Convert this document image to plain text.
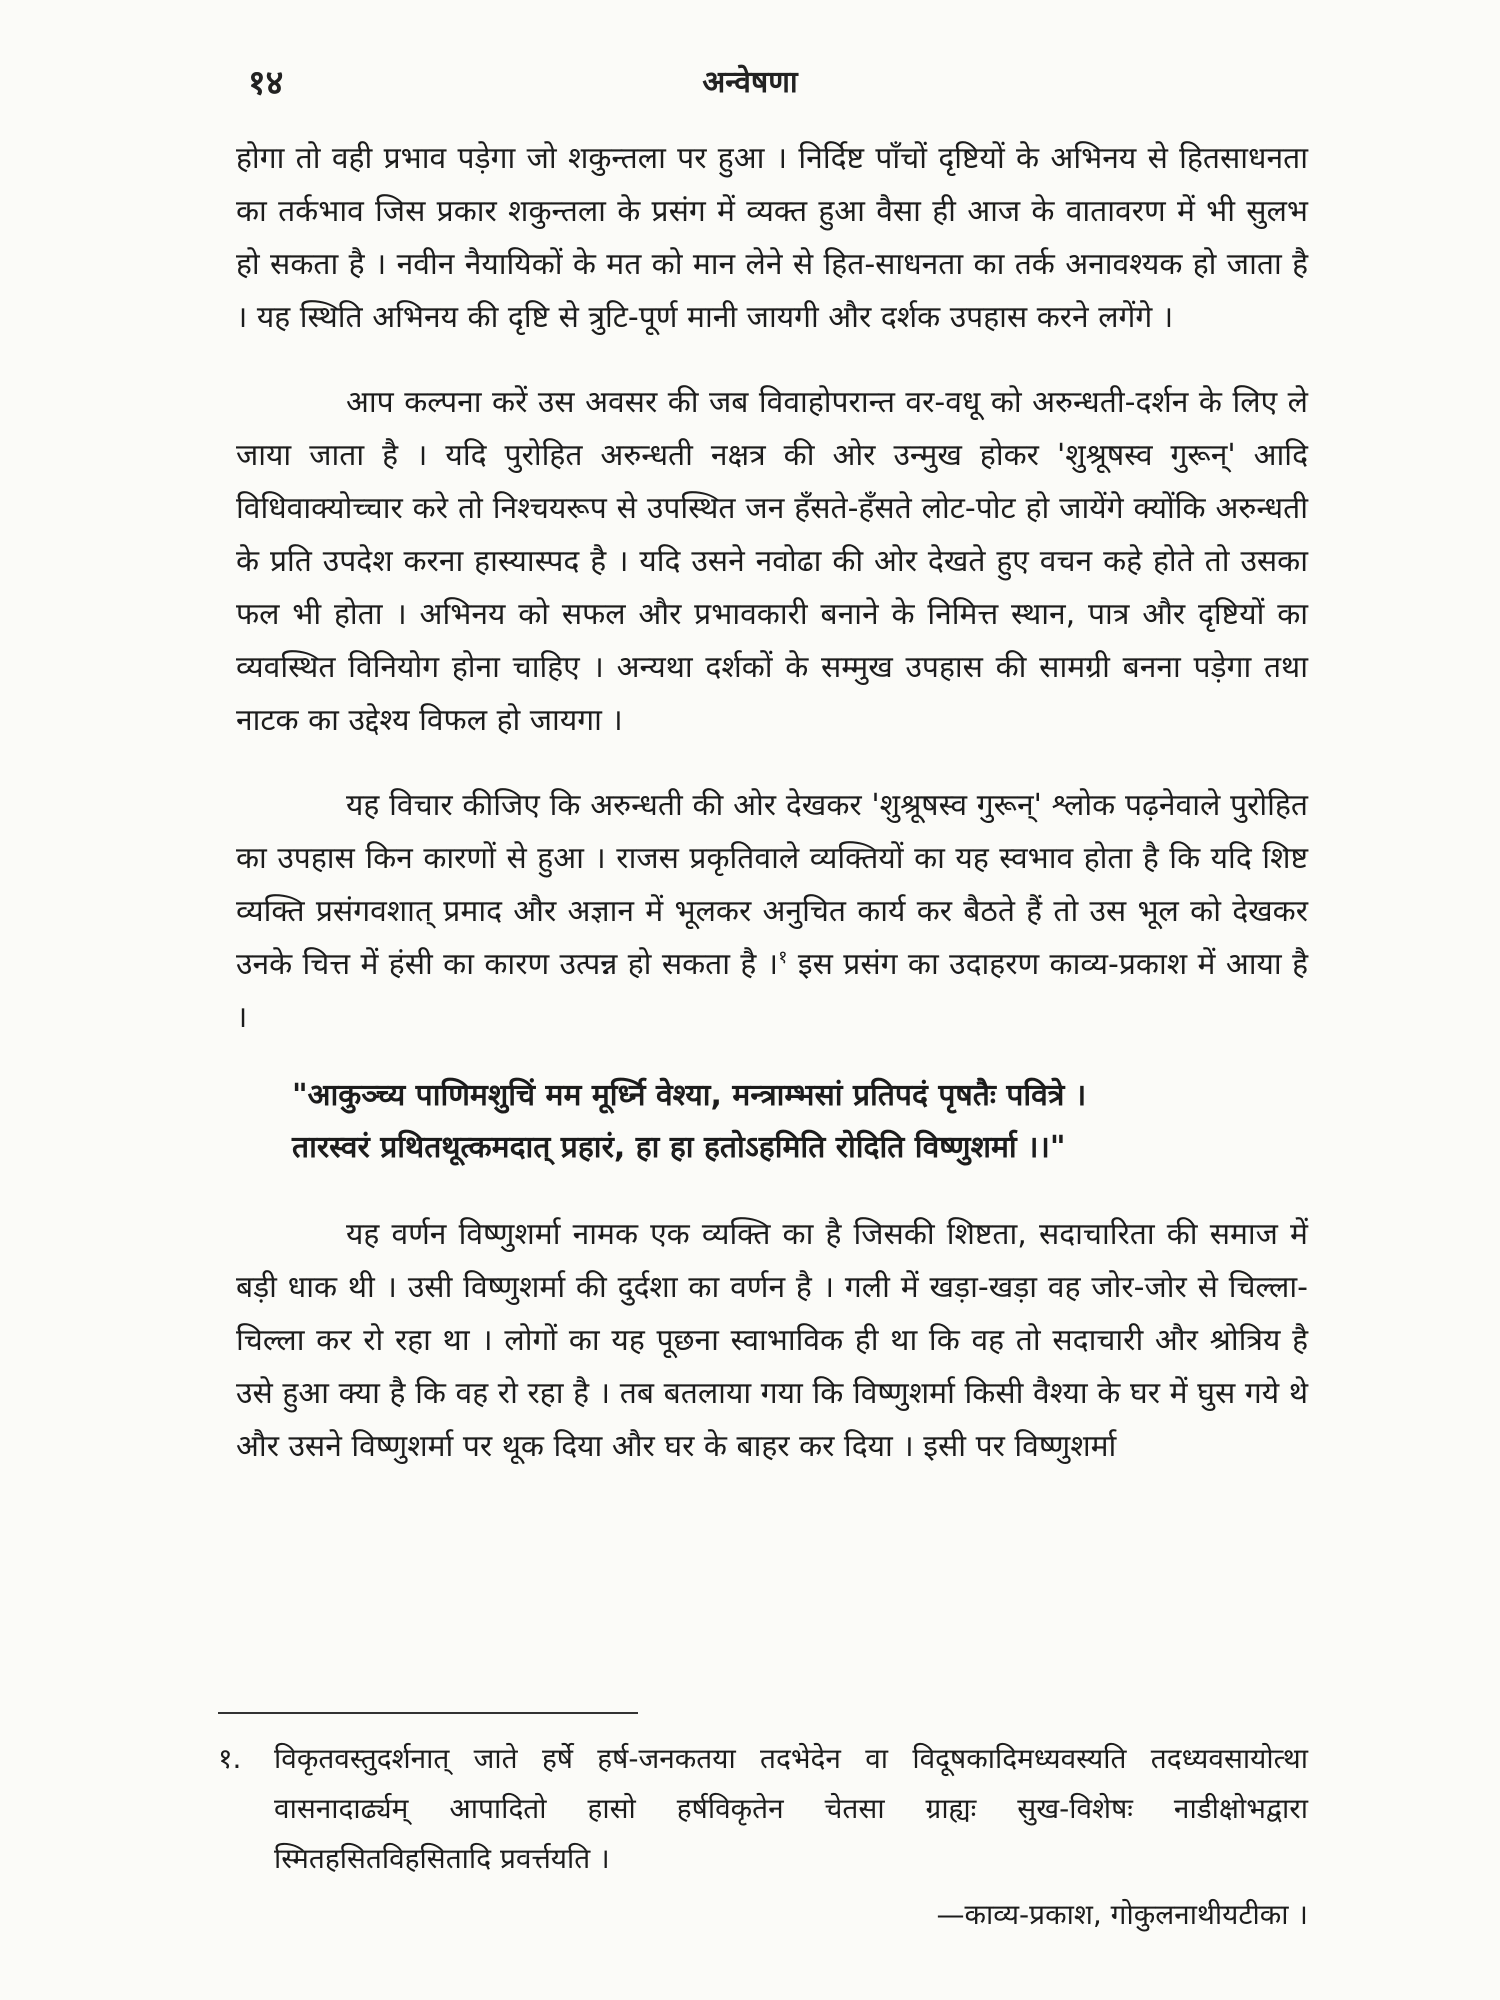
१४	अन्वेषणा

होगा तो वही प्रभाव पड़ेगा जो शकुन्तला पर हुआ । निर्दिष्ट पाँचों दृष्टियों के अभिनय से हितसाधनता का तर्कभाव जिस प्रकार शकुन्तला के प्रसंग में व्यक्त हुआ वैसा ही आज के वातावरण में भी सुलभ हो सकता है । नवीन नैयायिकों के मत को मान लेने से हित-साधनता का तर्क अनावश्यक हो जाता है । यह स्थिति अभिनय की दृष्टि से त्रुटि-पूर्ण मानी जायगी और दर्शक उपहास करने लगेंगे ।

आप कल्पना करें उस अवसर की जब विवाहोपरान्त वर-वधू को अरुन्धती-दर्शन के लिए ले जाया जाता है । यदि पुरोहित अरुन्धती नक्षत्र की ओर उन्मुख होकर 'शुश्रूषस्व गुरून्' आदि विधिवाक्योच्चार करे तो निश्चयरूप से उपस्थित जन हँसते-हँसते लोट-पोट हो जायेंगे क्योंकि अरुन्धती के प्रति उपदेश करना हास्यास्पद है । यदि उसने नवोढा की ओर देखते हुए वचन कहे होते तो उसका फल भी होता । अभिनय को सफल और प्रभावकारी बनाने के निमित्त स्थान, पात्र और दृष्टियों का व्यवस्थित विनियोग होना चाहिए । अन्यथा दर्शकों के सम्मुख उपहास की सामग्री बनना पड़ेगा तथा नाटक का उद्देश्य विफल हो जायगा ।

यह विचार कीजिए कि अरुन्धती की ओर देखकर 'शुश्रूषस्व गुरून्' श्लोक पढ़नेवाले पुरोहित का उपहास किन कारणों से हुआ । राजस प्रकृतिवाले व्यक्तियों का यह स्वभाव होता है कि यदि शिष्ट व्यक्ति प्रसंगवशात् प्रमाद और अज्ञान में भूलकर अनुचित कार्य कर बैठते हैं तो उस भूल को देखकर उनके चित्त में हंसी का कारण उत्पन्न हो सकता है ।$^१$ इस प्रसंग का उदाहरण काव्य-प्रकाश में आया है ।

"आकुञ्च्य पाणिमशुचिं मम मूर्ध्नि वेश्या, मन्त्राम्भसां प्रतिपदं पृषतैः पवित्रे ।
तारस्वरं प्रथितथूत्कमदात् प्रहारं, हा हा हतोऽहमिति रोदिति विष्णुशर्मा ।।"

यह वर्णन विष्णुशर्मा नामक एक व्यक्ति का है जिसकी शिष्टता, सदाचारिता की समाज में बड़ी धाक थी । उसी विष्णुशर्मा की दुर्दशा का वर्णन है । गली में खड़ा-खड़ा वह जोर-जोर से चिल्ला-चिल्ला कर रो रहा था । लोगों का यह पूछना स्वाभाविक ही था कि वह तो सदाचारी और श्रोत्रिय है उसे हुआ क्या है कि वह रो रहा है । तब बतलाया गया कि विष्णुशर्मा किसी वैश्या के घर में घुस गये थे और उसने विष्णुशर्मा पर थूक दिया और घर के बाहर कर दिया । इसी पर विष्णुशर्मा

१.	विकृतवस्तुदर्शनात् जाते हर्षे हर्ष-जनकतया तदभेदेन वा विदूषकादिमध्यवस्यति तदध्यवसायोत्था वासनादार्ढ्यम् आपादितो हासो हर्षविकृतेन चेतसा ग्राह्यः सुख-विशेषः नाडीक्षोभद्वारा स्मितहसितविहसितादि प्रवर्त्तयति ।
—काव्य-प्रकाश, गोकुलनाथीयटीका ।
